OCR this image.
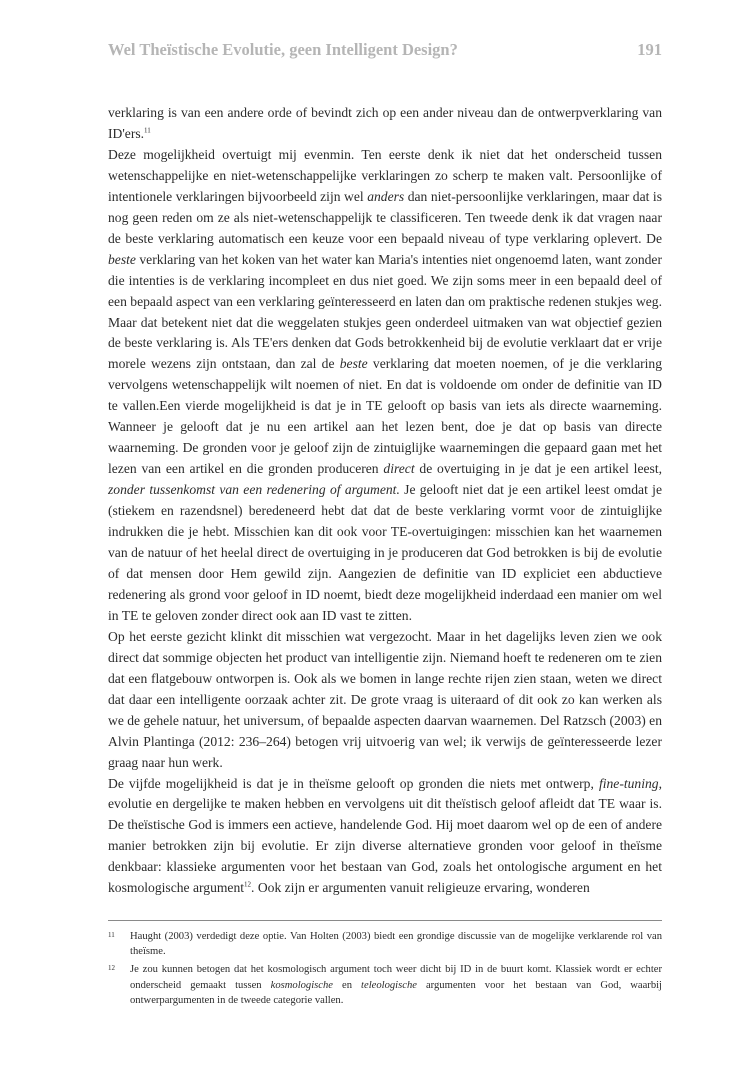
Wel Theïstische Evolutie, geen Intelligent Design?	191

verklaring is van een andere orde of bevindt zich op een ander niveau dan de ontwerpverklaring van ID'ers.$^{11}$

Deze mogelijkheid overtuigt mij evenmin. Ten eerste denk ik niet dat het onderscheid tussen wetenschappelijke en niet-wetenschappelijke verklaringen zo scherp te maken valt. Persoonlijke of intentionele verklaringen bijvoorbeeld zijn wel anders dan niet-persoonlijke verklaringen, maar dat is nog geen reden om ze als niet-wetenschappelijk te classificeren. Ten tweede denk ik dat vragen naar de beste verklaring automatisch een keuze voor een bepaald niveau of type verklaring oplevert. De beste verklaring van het koken van het water kan Maria's intenties niet ongenoemd laten, want zonder die intenties is de verklaring incompleet en dus niet goed. We zijn soms meer in een bepaald deel of een bepaald aspect van een verklaring geïnteresseerd en laten dan om praktische redenen stukjes weg. Maar dat betekent niet dat die weggelaten stukjes geen onderdeel uitmaken van wat objectief gezien de beste verklaring is. Als TE'ers denken dat Gods betrokkenheid bij de evolutie verklaart dat er vrije morele wezens zijn ontstaan, dan zal de beste verklaring dat moeten noemen, of je die verklaring vervolgens wetenschappelijk wilt noemen of niet. En dat is voldoende om onder de definitie van ID te vallen.Een vierde mogelijkheid is dat je in TE gelooft op basis van iets als directe waarneming. Wanneer je gelooft dat je nu een artikel aan het lezen bent, doe je dat op basis van directe waarneming. De gronden voor je geloof zijn de zintuiglijke waarnemingen die gepaard gaan met het lezen van een artikel en die gronden produceren direct de overtuiging in je dat je een artikel leest, zonder tussenkomst van een redenering of argument. Je gelooft niet dat je een artikel leest omdat je (stiekem en razendsnel) beredeneerd hebt dat dat de beste verklaring vormt voor de zintuiglijke indrukken die je hebt. Misschien kan dit ook voor TE-overtuigingen: misschien kan het waarnemen van de natuur of het heelal direct de overtuiging in je produceren dat God betrokken is bij de evolutie of dat mensen door Hem gewild zijn. Aangezien de definitie van ID expliciet een abductieve redenering als grond voor geloof in ID noemt, biedt deze mogelijkheid inderdaad een manier om wel in TE te geloven zonder direct ook aan ID vast te zitten.

Op het eerste gezicht klinkt dit misschien wat vergezocht. Maar in het dagelijks leven zien we ook direct dat sommige objecten het product van intelligentie zijn. Niemand hoeft te redeneren om te zien dat een flatgebouw ontworpen is. Ook als we bomen in lange rechte rijen zien staan, weten we direct dat daar een intelligente oorzaak achter zit. De grote vraag is uiteraard of dit ook zo kan werken als we de gehele natuur, het universum, of bepaalde aspecten daarvan waarnemen. Del Ratzsch (2003) en Alvin Plantinga (2012: 236–264) betogen vrij uitvoerig van wel; ik verwijs de geïnteresseerde lezer graag naar hun werk.

De vijfde mogelijkheid is dat je in theïsme gelooft op gronden die niets met ontwerp, fine-tuning, evolutie en dergelijke te maken hebben en vervolgens uit dit theïstisch geloof afleidt dat TE waar is. De theïstische God is immers een actieve, handelende God. Hij moet daarom wel op de een of andere manier betrokken zijn bij evolutie. Er zijn diverse alternatieve gronden voor geloof in theïsme denkbaar: klassieke argumenten voor het bestaan van God, zoals het ontologische argument en het kosmologische argument$^{12}$. Ook zijn er argumenten vanuit religieuze ervaring, wonderen

11	Haught (2003) verdedigt deze optie. Van Holten (2003) biedt een grondige discussie van de mogelijke verklarende rol van theïsme.
12	Je zou kunnen betogen dat het kosmologisch argument toch weer dicht bij ID in de buurt komt. Klassiek wordt er echter onderscheid gemaakt tussen kosmologische en teleologische argumenten voor het bestaan van God, waarbij ontwerpargumenten in de tweede categorie vallen.
